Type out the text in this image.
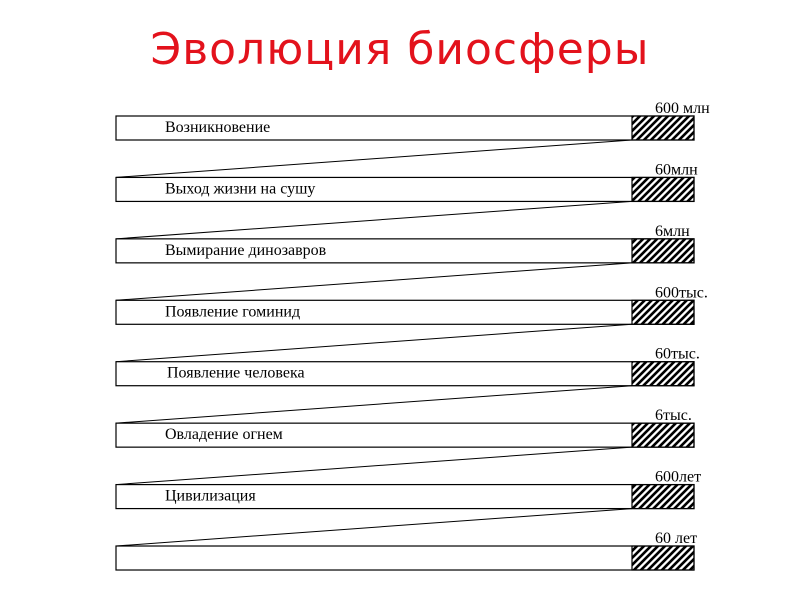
Эволюция биосферы
Возникновение
600 млн
Выход жизни на сушу
60млн
Вымирание динозавров
6млн
Появление гоминид
600тыс.
Появление человека
60тыс.
Овладение огнем
6тыс.
Цивилизация
600лет
60 лет
